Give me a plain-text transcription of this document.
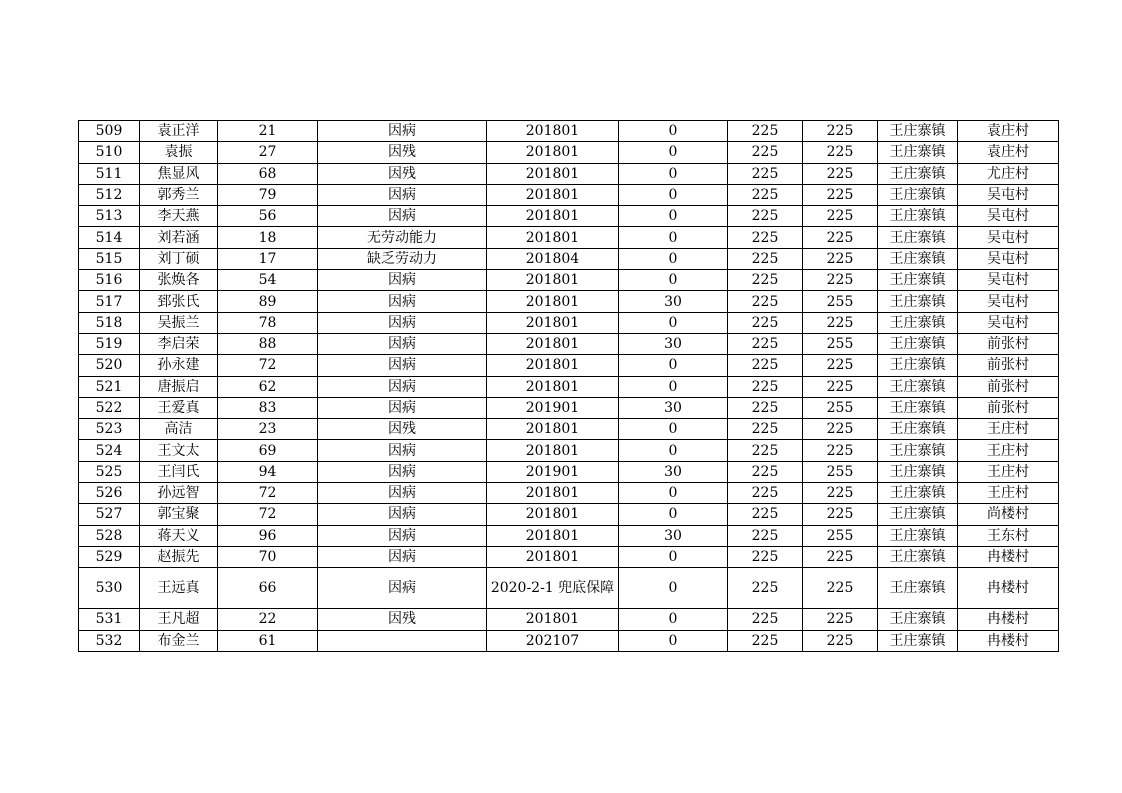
509	袁正洋	21	因病	201801	0	225	225	王庄寨镇	袁庄村
510	袁振	27	因残	201801	0	225	225	王庄寨镇	袁庄村
511	焦显风	68	因残	201801	0	225	225	王庄寨镇	尤庄村
512	郭秀兰	79	因病	201801	0	225	225	王庄寨镇	吴屯村
513	李天燕	56	因病	201801	0	225	225	王庄寨镇	吴屯村
514	刘若涵	18	无劳动能力	201801	0	225	225	王庄寨镇	吴屯村
515	刘丁硕	17	缺乏劳动力	201804	0	225	225	王庄寨镇	吴屯村
516	张焕各	54	因病	201801	0	225	225	王庄寨镇	吴屯村
517	郅张氏	89	因病	201801	30	225	255	王庄寨镇	吴屯村
518	吴振兰	78	因病	201801	0	225	225	王庄寨镇	吴屯村
519	李启荣	88	因病	201801	30	225	255	王庄寨镇	前张村
520	孙永建	72	因病	201801	0	225	225	王庄寨镇	前张村
521	唐振启	62	因病	201801	0	225	225	王庄寨镇	前张村
522	王爱真	83	因病	201901	30	225	255	王庄寨镇	前张村
523	高洁	23	因残	201801	0	225	225	王庄寨镇	王庄村
524	王文太	69	因病	201801	0	225	225	王庄寨镇	王庄村
525	王闫氏	94	因病	201901	30	225	255	王庄寨镇	王庄村
526	孙远智	72	因病	201801	0	225	225	王庄寨镇	王庄村
527	郭宝聚	72	因病	201801	0	225	225	王庄寨镇	尚楼村
528	蒋天义	96	因病	201801	30	225	255	王庄寨镇	王东村
529	赵振先	70	因病	201801	0	225	225	王庄寨镇	冉楼村
530	王远真	66	因病	2020-2-1 兜底保障	0	225	225	王庄寨镇	冉楼村
531	王凡超	22	因残	201801	0	225	225	王庄寨镇	冉楼村
532	布金兰	61		202107	0	225	225	王庄寨镇	冉楼村
